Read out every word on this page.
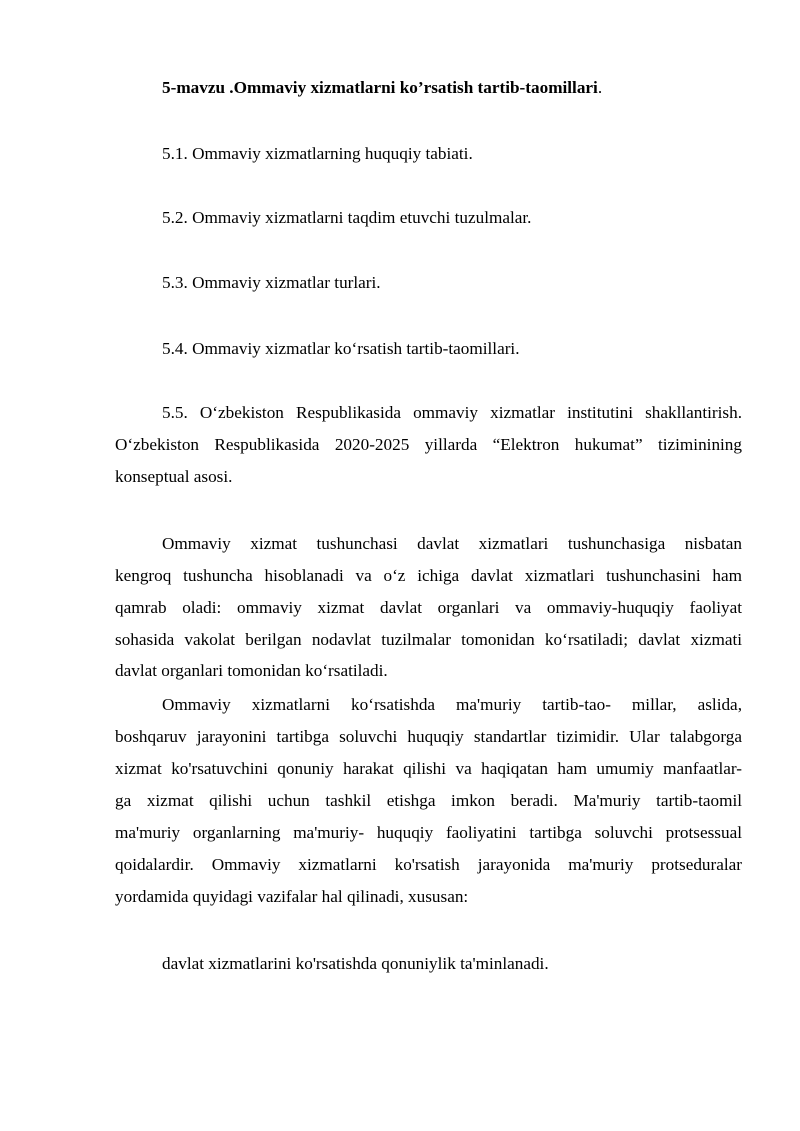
5-mavzu .Ommaviy xizmatlarni ko’rsatish tartib-taomillari.
5.1. Ommaviy xizmatlarning huquqiy tabiati.
5.2. Ommaviy xizmatlarni taqdim etuvchi tuzulmalar.
5.3. Ommaviy xizmatlar turlari.
5.4. Ommaviy xizmatlar ko‘rsatish tartib-taomillari.
5.5. O‘zbekiston Respublikasida ommaviy xizmatlar institutini shakllantirish.
O‘zbekiston Respublikasida 2020-2025 yillarda “Elektron hukumat” tiziminining
konseptual asosi.
Ommaviy xizmat tushunchasi davlat xizmatlari tushunchasiga nisbatan
kengroq tushuncha hisoblanadi va o‘z ichiga davlat xizmatlari tushunchasini ham
qamrab oladi: ommaviy xizmat davlat organlari va ommaviy-huquqiy faoliyat
sohasida vakolat berilgan nodavlat tuzilmalar tomonidan ko‘rsatiladi; davlat xizmati
davlat organlari tomonidan ko‘rsatiladi.
Ommaviy xizmatlarni ko‘rsatishda ma'muriy tartib-tao- millar, aslida,
boshqaruv jarayonini tartibga soluvchi huquqiy standartlar tizimidir. Ular talabgorga
xizmat ko'rsatuvchini qonuniy harakat qilishi va haqiqatan ham umumiy manfaatlar-
ga xizmat qilishi uchun tashkil etishga imkon beradi. Ma'muriy tartib-taomil
ma'muriy organlarning ma'muriy- huquqiy faoliyatini tartibga soluvchi protsessual
qoidalardir. Ommaviy xizmatlarni ko'rsatish jarayonida ma'muriy protseduralar
yordamida quyidagi vazifalar hal qilinadi, xususan:
davlat xizmatlarini ko'rsatishda qonuniylik ta'minlanadi.
